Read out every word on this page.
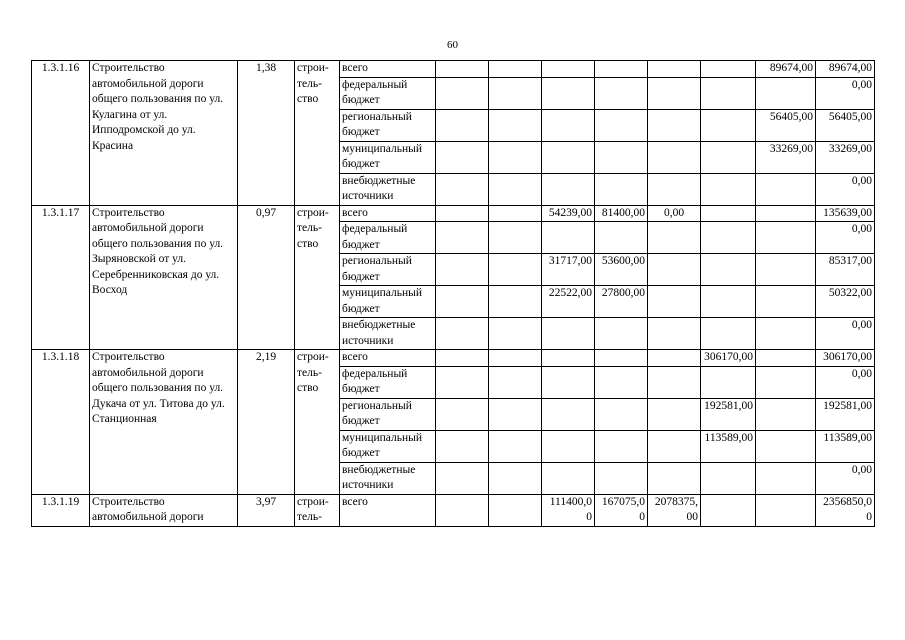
60
1.3.1.16	Строительство автомобильной дороги общего пользования по ул. Кулагина от ул. Ипподромской до ул. Красина	1,38	строи-тель-ство	всего							89674,00	89674,00
				федеральный бюджет								0,00
				региональный бюджет							56405,00	56405,00
				муниципальный бюджет							33269,00	33269,00
				внебюджетные источники								0,00
1.3.1.17	Строительство автомобильной дороги общего пользования по ул. Зыряновской от ул. Серебренниковская до ул. Восход	0,97	строи-тель-ство	всего			54239,00	81400,00	0,00			135639,00
				федеральный бюджет								0,00
				региональный бюджет			31717,00	53600,00				85317,00
				муниципальный бюджет			22522,00	27800,00				50322,00
				внебюджетные источники								0,00
1.3.1.18	Строительство автомобильной дороги общего пользования по ул. Дукача от ул. Титова до ул. Станционная	2,19	строи-тель-ство	всего						306170,00		306170,00
				федеральный бюджет								0,00
				региональный бюджет						192581,00		192581,00
				муниципальный бюджет						113589,00		113589,00
				внебюджетные источники								0,00
1.3.1.19	Строительство автомобильной дороги	3,97	строи-тель-	всего			111400,00	167075,00	2078375,00			2356850,00
